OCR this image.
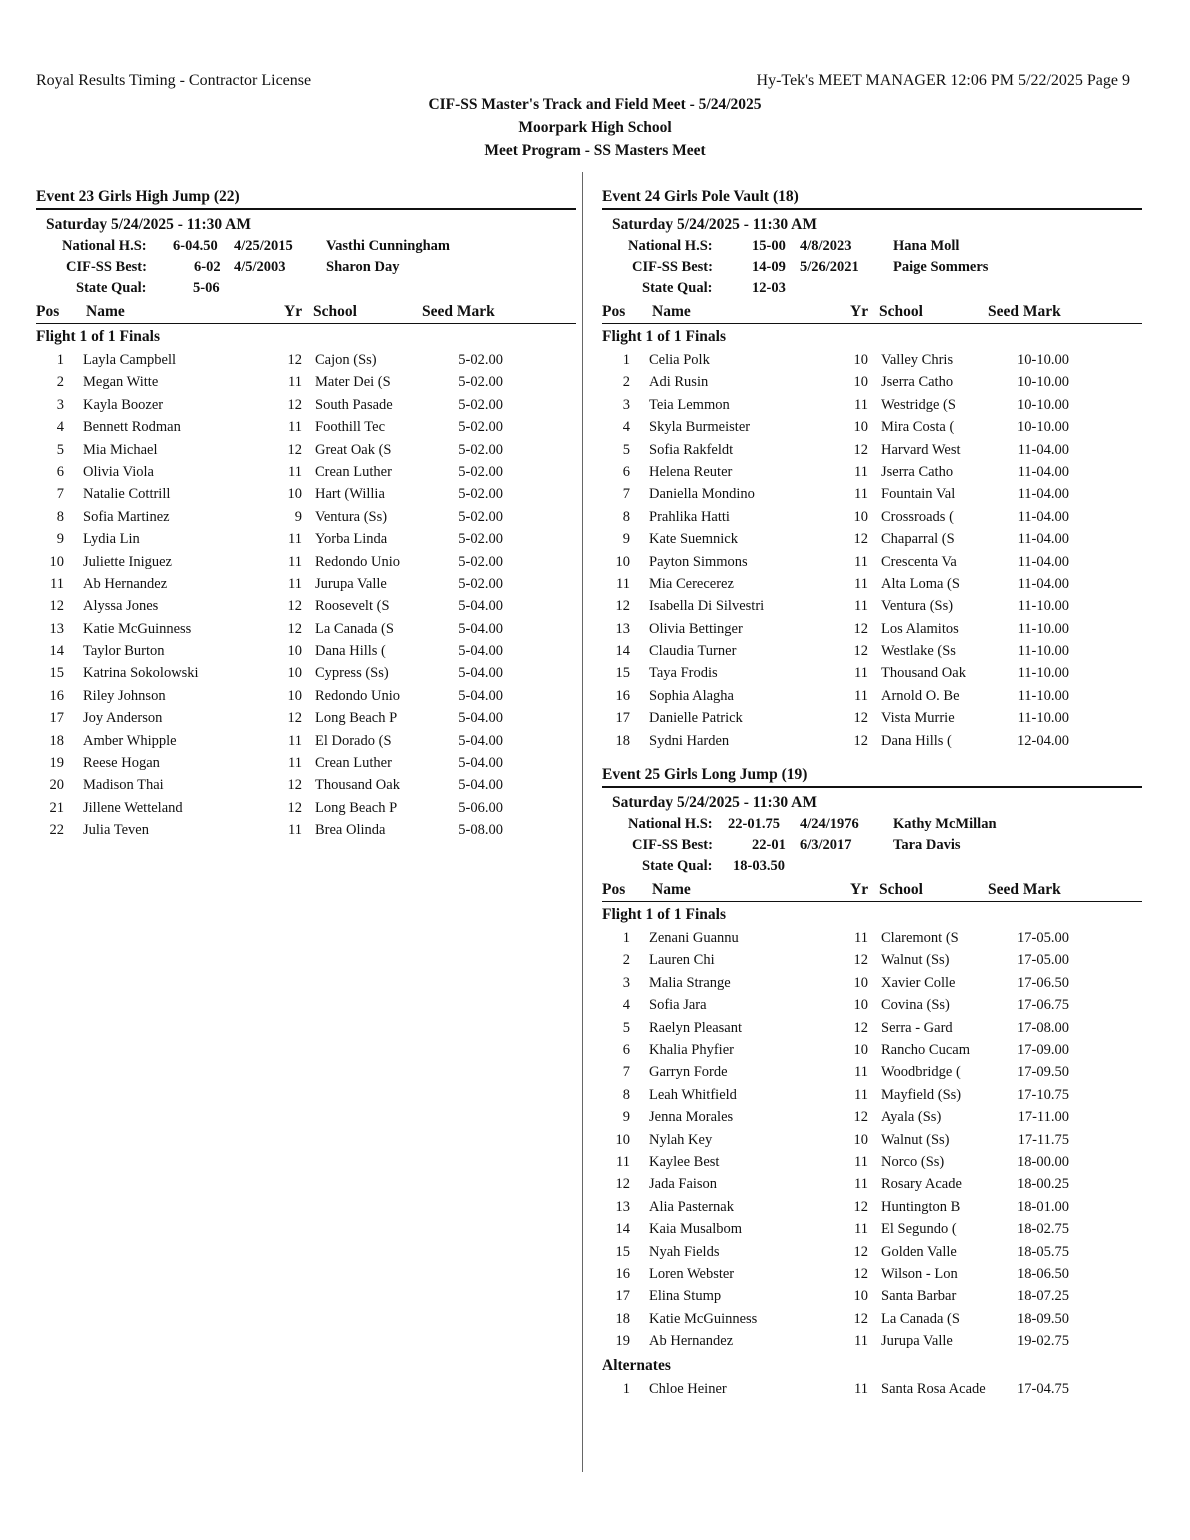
Royal Results Timing - Contractor License	Hy-Tek's MEET MANAGER 12:06 PM 5/22/2025 Page 9
CIF-SS Master's Track and Field Meet - 5/24/2025
Moorpark High School
Meet Program - SS Masters Meet
Event 23 Girls High Jump (22)
Saturday 5/24/2025 - 11:30 AM
National H.S: 6-04.50 4/25/2015 Vasthi Cunningham
CIF-SS Best:	6-02 4/5/2003	Sharon Day
State Qual:	5-06
Pos Name	Yr School	Seed Mark
Flight 1 of 1 Finals
1 Layla Campbell	12 Cajon (Ss)	5-02.00
2 Megan Witte	11 Mater Dei (S	5-02.00
3 Kayla Boozer	12 South Pasade	5-02.00
4 Bennett Rodman	11 Foothill Tec	5-02.00
5 Mia Michael	12 Great Oak (S	5-02.00
6 Olivia Viola	11 Crean Luther	5-02.00
7 Natalie Cottrill	10 Hart (Willia	5-02.00
8 Sofia Martinez	9 Ventura (Ss)	5-02.00
9 Lydia Lin	11 Yorba Linda	5-02.00
10 Juliette Iniguez	11 Redondo Unio	5-02.00
11 Ab Hernandez	11 Jurupa Valle	5-02.00
12 Alyssa Jones	12 Roosevelt (S	5-04.00
13 Katie McGuinness	12 La Canada (S	5-04.00
14 Taylor Burton	10 Dana Hills (	5-04.00
15 Katrina Sokolowski	10 Cypress (Ss)	5-04.00
16 Riley Johnson	10 Redondo Unio	5-04.00
17 Joy Anderson	12 Long Beach P	5-04.00
18 Amber Whipple	11 El Dorado (S	5-04.00
19 Reese Hogan	11 Crean Luther	5-04.00
20 Madison Thai	12 Thousand Oak	5-04.00
21 Jillene Wetteland	12 Long Beach P	5-06.00
22 Julia Teven	11 Brea Olinda	5-08.00
Event 24 Girls Pole Vault (18)
Saturday 5/24/2025 - 11:30 AM
National H.S:	15-00 4/8/2023	Hana Moll
CIF-SS Best:	14-09 5/26/2021 Paige Sommers
State Qual:	12-03
Pos Name	Yr School	Seed Mark
Flight 1 of 1 Finals
1 Celia Polk	10 Valley Chris	10-10.00
2 Adi Rusin	10 Jserra Catho	10-10.00
3 Teia Lemmon	11 Westridge (S	10-10.00
4 Skyla Burmeister	10 Mira Costa (	10-10.00
5 Sofia Rakfeldt	12 Harvard West	11-04.00
6 Helena Reuter	11 Jserra Catho	11-04.00
7 Daniella Mondino	11 Fountain Val	11-04.00
8 Prahlika Hatti	10 Crossroads (	11-04.00
9 Kate Suemnick	12 Chaparral (S	11-04.00
10 Payton Simmons	11 Crescenta Va	11-04.00
11 Mia Cerecerez	11 Alta Loma (S	11-04.00
12 Isabella Di Silvestri	11 Ventura (Ss)	11-10.00
13 Olivia Bettinger	12 Los Alamitos	11-10.00
14 Claudia Turner	12 Westlake (Ss	11-10.00
15 Taya Frodis	11 Thousand Oak	11-10.00
16 Sophia Alagha	11 Arnold O. Be	11-10.00
17 Danielle Patrick	12 Vista Murrie	11-10.00
18 Sydni Harden	12 Dana Hills (	12-04.00
Event 25 Girls Long Jump (19)
Saturday 5/24/2025 - 11:30 AM
National H.S: 22-01.75 4/24/1976 Kathy McMillan
CIF-SS Best:	22-01 6/3/2017	Tara Davis
State Qual: 18-03.50
Pos Name	Yr School	Seed Mark
Flight 1 of 1 Finals
1 Zenani Guannu	11 Claremont (S	17-05.00
2 Lauren Chi	12 Walnut (Ss)	17-05.00
3 Malia Strange	10 Xavier Colle	17-06.50
4 Sofia Jara	10 Covina (Ss)	17-06.75
5 Raelyn Pleasant	12 Serra - Gard	17-08.00
6 Khalia Phyfier	10 Rancho Cucam	17-09.00
7 Garryn Forde	11 Woodbridge (	17-09.50
8 Leah Whitfield	11 Mayfield (Ss)	17-10.75
9 Jenna Morales	12 Ayala (Ss)	17-11.00
10 Nylah Key	10 Walnut (Ss)	17-11.75
11 Kaylee Best	11 Norco (Ss)	18-00.00
12 Jada Faison	11 Rosary Acade	18-00.25
13 Alia Pasternak	12 Huntington B	18-01.00
14 Kaia Musalbom	11 El Segundo (	18-02.75
15 Nyah Fields	12 Golden Valle	18-05.75
16 Loren Webster	12 Wilson - Lon	18-06.50
17 Elina Stump	10 Santa Barbar	18-07.25
18 Katie McGuinness	12 La Canada (S	18-09.50
19 Ab Hernandez	11 Jurupa Valle	19-02.75
Alternates
1 Chloe Heiner	11 Santa Rosa Acade	17-04.75
